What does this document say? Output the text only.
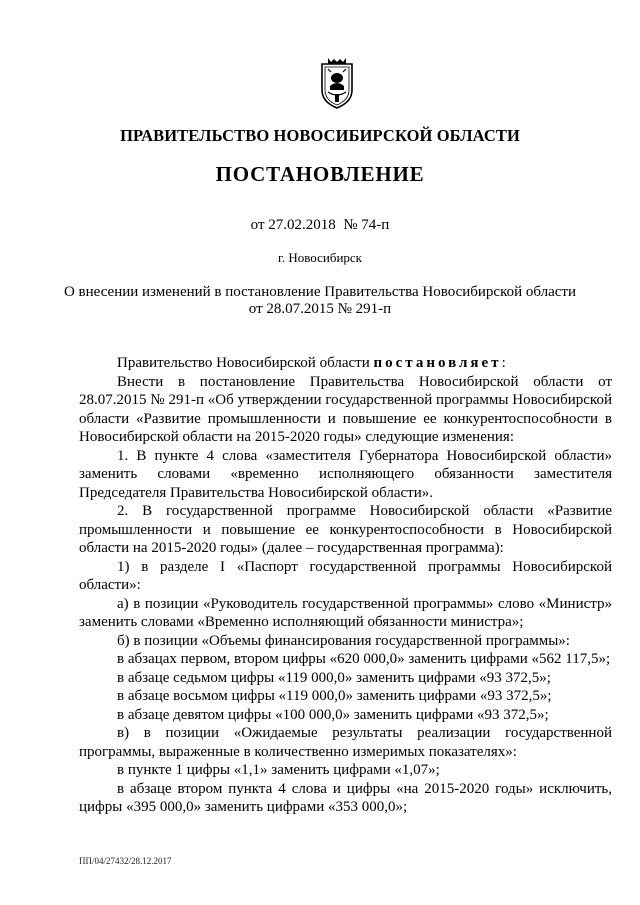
ПРАВИТЕЛЬСТВО НОВОСИБИРСКОЙ ОБЛАСТИ
ПОСТАНОВЛЕНИЕ
от 27.02.2018  № 74-п
г. Новосибирск
О внесении изменений в постановление Правительства Новосибирской области
от 28.07.2015 № 291-п

Правительство Новосибирской области постановляет:

Внести в постановление Правительства Новосибирской области от 28.07.2015 № 291-п «Об утверждении государственной программы Новосибирской области «Развитие промышленности и повышение ее конкурентоспособности в Новосибирской области на 2015-2020 годы» следующие изменения:

1. В пункте 4 слова «заместителя Губернатора Новосибирской области» заменить словами «временно исполняющего обязанности заместителя Председателя Правительства Новосибирской области».

2. В государственной программе Новосибирской области «Развитие промышленности и повышение ее конкурентоспособности в Новосибирской области на 2015-2020 годы» (далее – государственная программа):

1) в разделе I «Паспорт государственной программы Новосибирской области»:

а) в позиции «Руководитель государственной программы» слово «Министр» заменить словами «Временно исполняющий обязанности министра»;

б) в позиции «Объемы финансирования государственной программы»:

в абзацах первом, втором цифры «620 000,0» заменить цифрами «562 117,5»;

в абзаце седьмом цифры «119 000,0» заменить цифрами «93 372,5»;

в абзаце восьмом цифры «119 000,0» заменить цифрами «93 372,5»;

в абзаце девятом цифры «100 000,0» заменить цифрами «93 372,5»;

в) в позиции «Ожидаемые результаты реализации государственной программы, выраженные в количественно измеримых показателях»:

в пункте 1 цифры «1,1» заменить цифрами «1,07»;

в абзаце втором пункта 4 слова и цифры «на 2015-2020 годы» исключить, цифры «395 000,0» заменить цифрами «353 000,0»;

ПП/04/27432/28.12.2017
